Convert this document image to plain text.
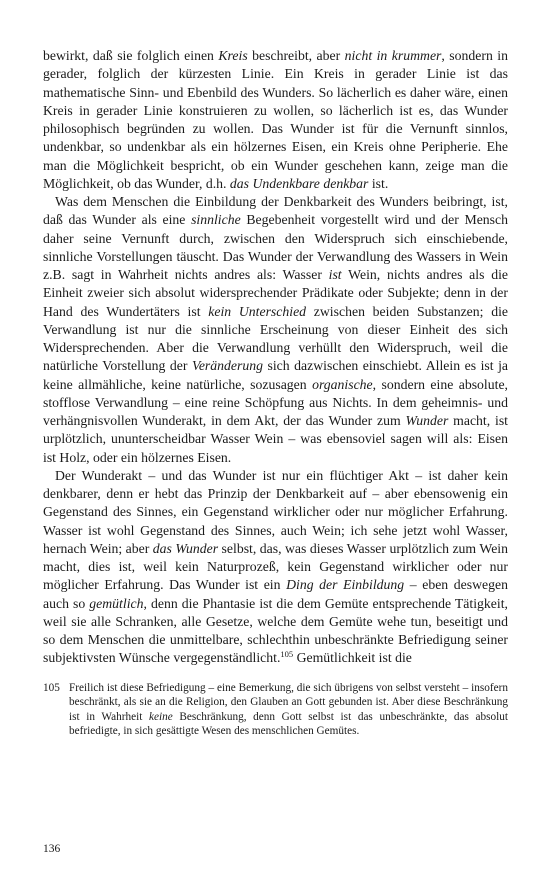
bewirkt, daß sie folglich einen Kreis beschreibt, aber nicht in krummer, sondern in gerader, folglich der kürzesten Linie. Ein Kreis in gerader Linie ist das mathematische Sinn- und Ebenbild des Wunders. So lächerlich es daher wäre, einen Kreis in gerader Linie konstruieren zu wollen, so lächerlich ist es, das Wunder philosophisch begründen zu wollen. Das Wunder ist für die Vernunft sinnlos, undenkbar, so undenkbar als ein hölzernes Eisen, ein Kreis ohne Peripherie. Ehe man die Möglichkeit bespricht, ob ein Wunder geschehen kann, zeige man die Möglichkeit, ob das Wunder, d.h. das Undenkbare denkbar ist.

Was dem Menschen die Einbildung der Denkbarkeit des Wunders beibringt, ist, daß das Wunder als eine sinnliche Begebenheit vorgestellt wird und der Mensch daher seine Vernunft durch, zwischen den Widerspruch sich einschiebende, sinnliche Vorstellungen täuscht. Das Wunder der Verwandlung des Wassers in Wein z.B. sagt in Wahrheit nichts andres als: Wasser ist Wein, nichts andres als die Einheit zweier sich absolut widersprechender Prädikate oder Subjekte; denn in der Hand des Wundertäters ist kein Unterschied zwischen beiden Substanzen; die Verwandlung ist nur die sinnliche Erscheinung von dieser Einheit des sich Widersprechenden. Aber die Verwandlung verhüllt den Widerspruch, weil die natürliche Vorstellung der Veränderung sich dazwischen einschiebt. Allein es ist ja keine allmähliche, keine natürliche, sozusagen organische, sondern eine absolute, stofflose Verwandlung – eine reine Schöpfung aus Nichts. In dem geheimnis- und verhängnisvollen Wunderakt, in dem Akt, der das Wunder zum Wunder macht, ist urplötzlich, ununterscheidbar Wasser Wein – was ebensoviel sagen will als: Eisen ist Holz, oder ein hölzernes Eisen.

Der Wunderakt – und das Wunder ist nur ein flüchtiger Akt – ist daher kein denkbarer, denn er hebt das Prinzip der Denkbarkeit auf – aber ebensowenig ein Gegenstand des Sinnes, ein Gegenstand wirklicher oder nur möglicher Erfahrung. Wasser ist wohl Gegenstand des Sinnes, auch Wein; ich sehe jetzt wohl Wasser, hernach Wein; aber das Wunder selbst, das, was dieses Wasser urplötzlich zum Wein macht, dies ist, weil kein Naturprozeß, kein Gegenstand wirklicher oder nur möglicher Erfahrung. Das Wunder ist ein Ding der Einbildung – eben deswegen auch so gemütlich, denn die Phantasie ist die dem Gemüte entsprechende Tätigkeit, weil sie alle Schranken, alle Gesetze, welche dem Gemüte wehe tun, beseitigt und so dem Menschen die unmittelbare, schlechthin unbeschränkte Befriedigung seiner subjektivsten Wünsche vergegenständlicht.$^{105}$ Gemütlichkeit ist die

105 Freilich ist diese Befriedigung – eine Bemerkung, die sich übrigens von selbst versteht – insofern beschränkt, als sie an die Religion, den Glauben an Gott gebunden ist. Aber diese Beschränkung ist in Wahrheit keine Beschränkung, denn Gott selbst ist das unbeschränkte, das absolut befriedigte, in sich gesättigte Wesen des menschlichen Gemütes.
136
